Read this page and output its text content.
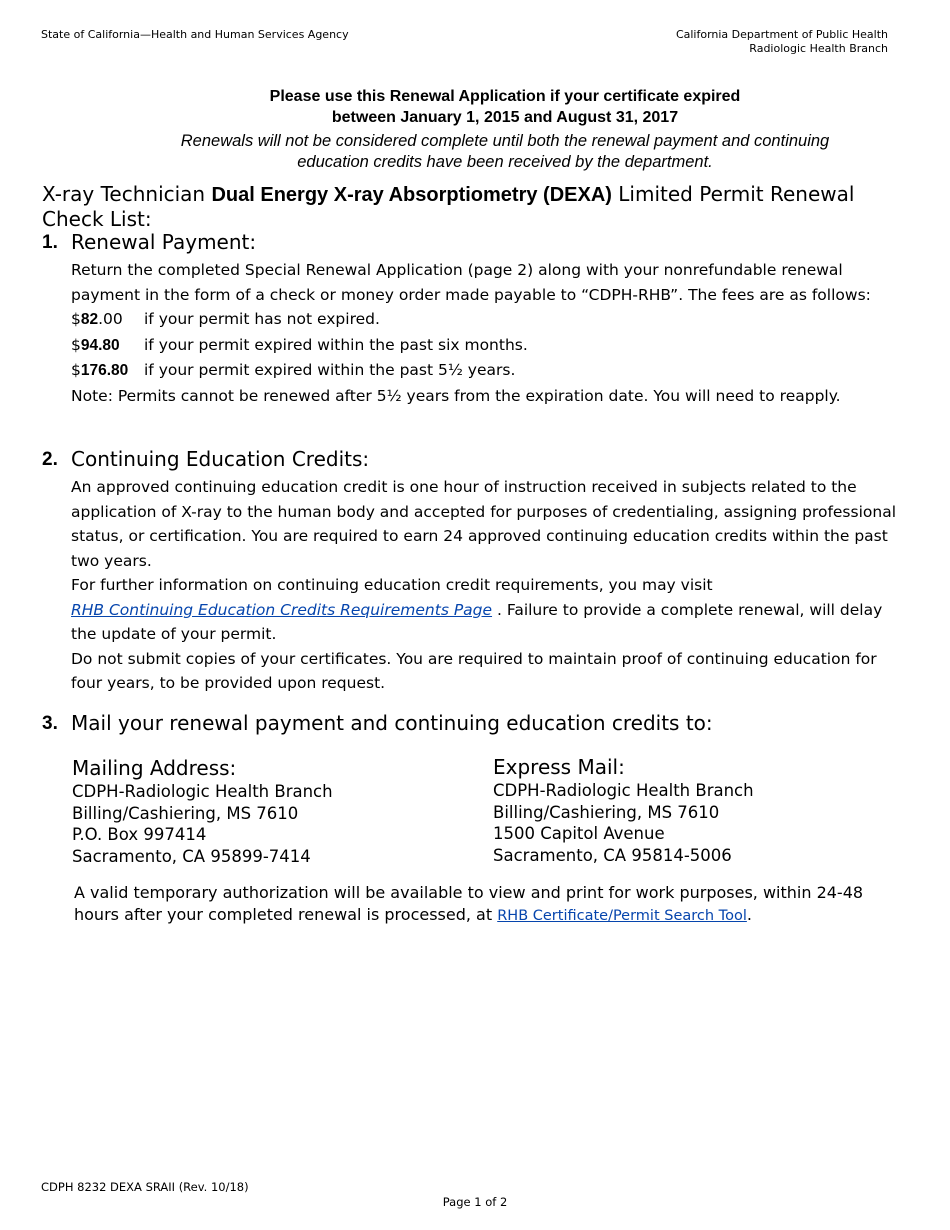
State of California—Health and Human Services Agency	California Department of Public Health
Radiologic Health Branch
Please use this Renewal Application if your certificate expired
between January 1, 2015 and August 31, 2017
Renewals will not be considered complete until both the renewal payment and continuing
education credits have been received by the department.
X-ray Technician Dual Energy X-ray Absorptiometry (DEXA) Limited Permit Renewal
Check List:
1. Renewal Payment:
Return the completed Special Renewal Application (page 2) along with your nonrefundable renewal payment in the form of a check or money order made payable to “CDPH-RHB”. The fees are as follows:
$82.00 if your permit has not expired.
$94.80 if your permit expired within the past six months.
$176.80 if your permit expired within the past 5½ years.
Note: Permits cannot be renewed after 5½ years from the expiration date. You will need to reapply.
2. Continuing Education Credits:
An approved continuing education credit is one hour of instruction received in subjects related to the application of X-ray to the human body and accepted for purposes of credentialing, assigning professional status, or certification. You are required to earn 24 approved continuing education credits within the past two years.
For further information on continuing education credit requirements, you may visit
RHB Continuing Education Credits Requirements Page . Failure to provide a complete renewal, will delay the update of your permit.
Do not submit copies of your certificates. You are required to maintain proof of continuing education for four years, to be provided upon request.
3. Mail your renewal payment and continuing education credits to:
Mailing Address:
CDPH-Radiologic Health Branch
Billing/Cashiering, MS 7610
P.O. Box 997414
Sacramento, CA 95899-7414
Express Mail:
CDPH-Radiologic Health Branch
Billing/Cashiering, MS 7610
1500 Capitol Avenue
Sacramento, CA 95814-5006
A valid temporary authorization will be available to view and print for work purposes, within 24-48 hours after your completed renewal is processed, at RHB Certificate/Permit Search Tool.
CDPH 8232 DEXA SRAII (Rev. 10/18)
Page 1 of 2
